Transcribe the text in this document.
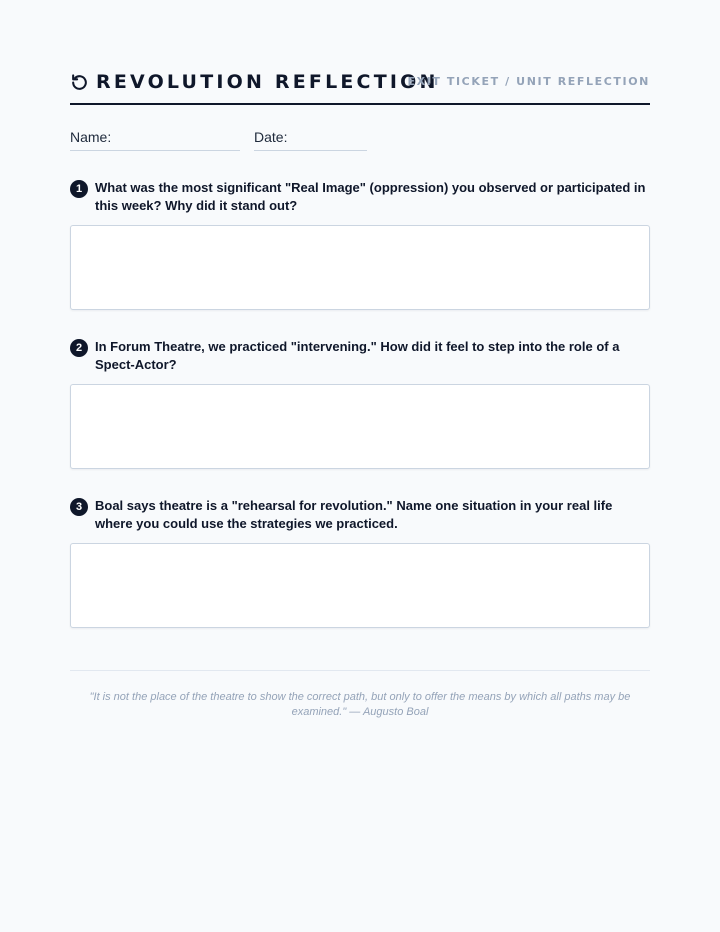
REVOLUTION REFLECTION
EXIT TICKET / UNIT REFLECTION
Name:	Date:
1 What was the most significant "Real Image" (oppression) you observed or participated in this week? Why did it stand out?
2 In Forum Theatre, we practiced "intervening." How did it feel to step into the role of a Spect-Actor?
3 Boal says theatre is a "rehearsal for revolution." Name one situation in your real life where you could use the strategies we practiced.
"It is not the place of the theatre to show the correct path, but only to offer the means by which all paths may be examined." — Augusto Boal
